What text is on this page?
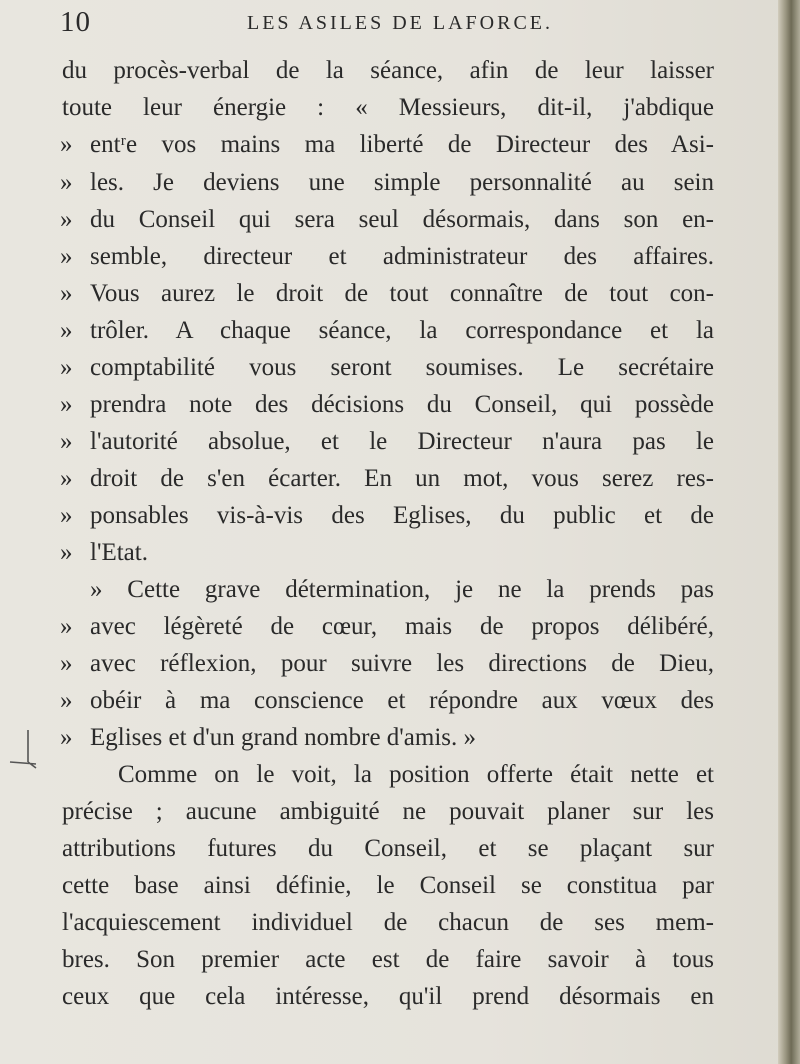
10	LES ASILES DE LAFORCE.
du procès-verbal de la séance, afin de leur laisser
toute leur énergie : « Messieurs, dit-il, j'abdique
» entʳe vos mains ma liberté de Directeur des Asi-
» les. Je deviens une simple personnalité au sein
» du Conseil qui sera seul désormais, dans son en-
» semble, directeur et administrateur des affaires.
» Vous aurez le droit de tout connaître de tout con-
» trôler. A chaque séance, la correspondance et la
» comptabilité vous seront soumises. Le secrétaire
» prendra note des décisions du Conseil, qui possède
» l'autorité absolue, et le Directeur n'aura pas le
» droit de s'en écarter. En un mot, vous serez res-
» ponsables vis-à-vis des Eglises, du public et de
» l'Etat.
» Cette grave détermination, je ne la prends pas
» avec légèreté de cœur, mais de propos délibéré,
» avec réflexion, pour suivre les directions de Dieu,
» obéir à ma conscience et répondre aux vœux des
» Eglises et d'un grand nombre d'amis. »
Comme on le voit, la position offerte était nette et
précise ; aucune ambiguité ne pouvait planer sur les
attributions futures du Conseil, et se plaçant sur
cette base ainsi définie, le Conseil se constitua par
l'acquiescement individuel de chacun de ses mem-
bres. Son premier acte est de faire savoir à tous
ceux que cela intéresse, qu'il prend désormais en
